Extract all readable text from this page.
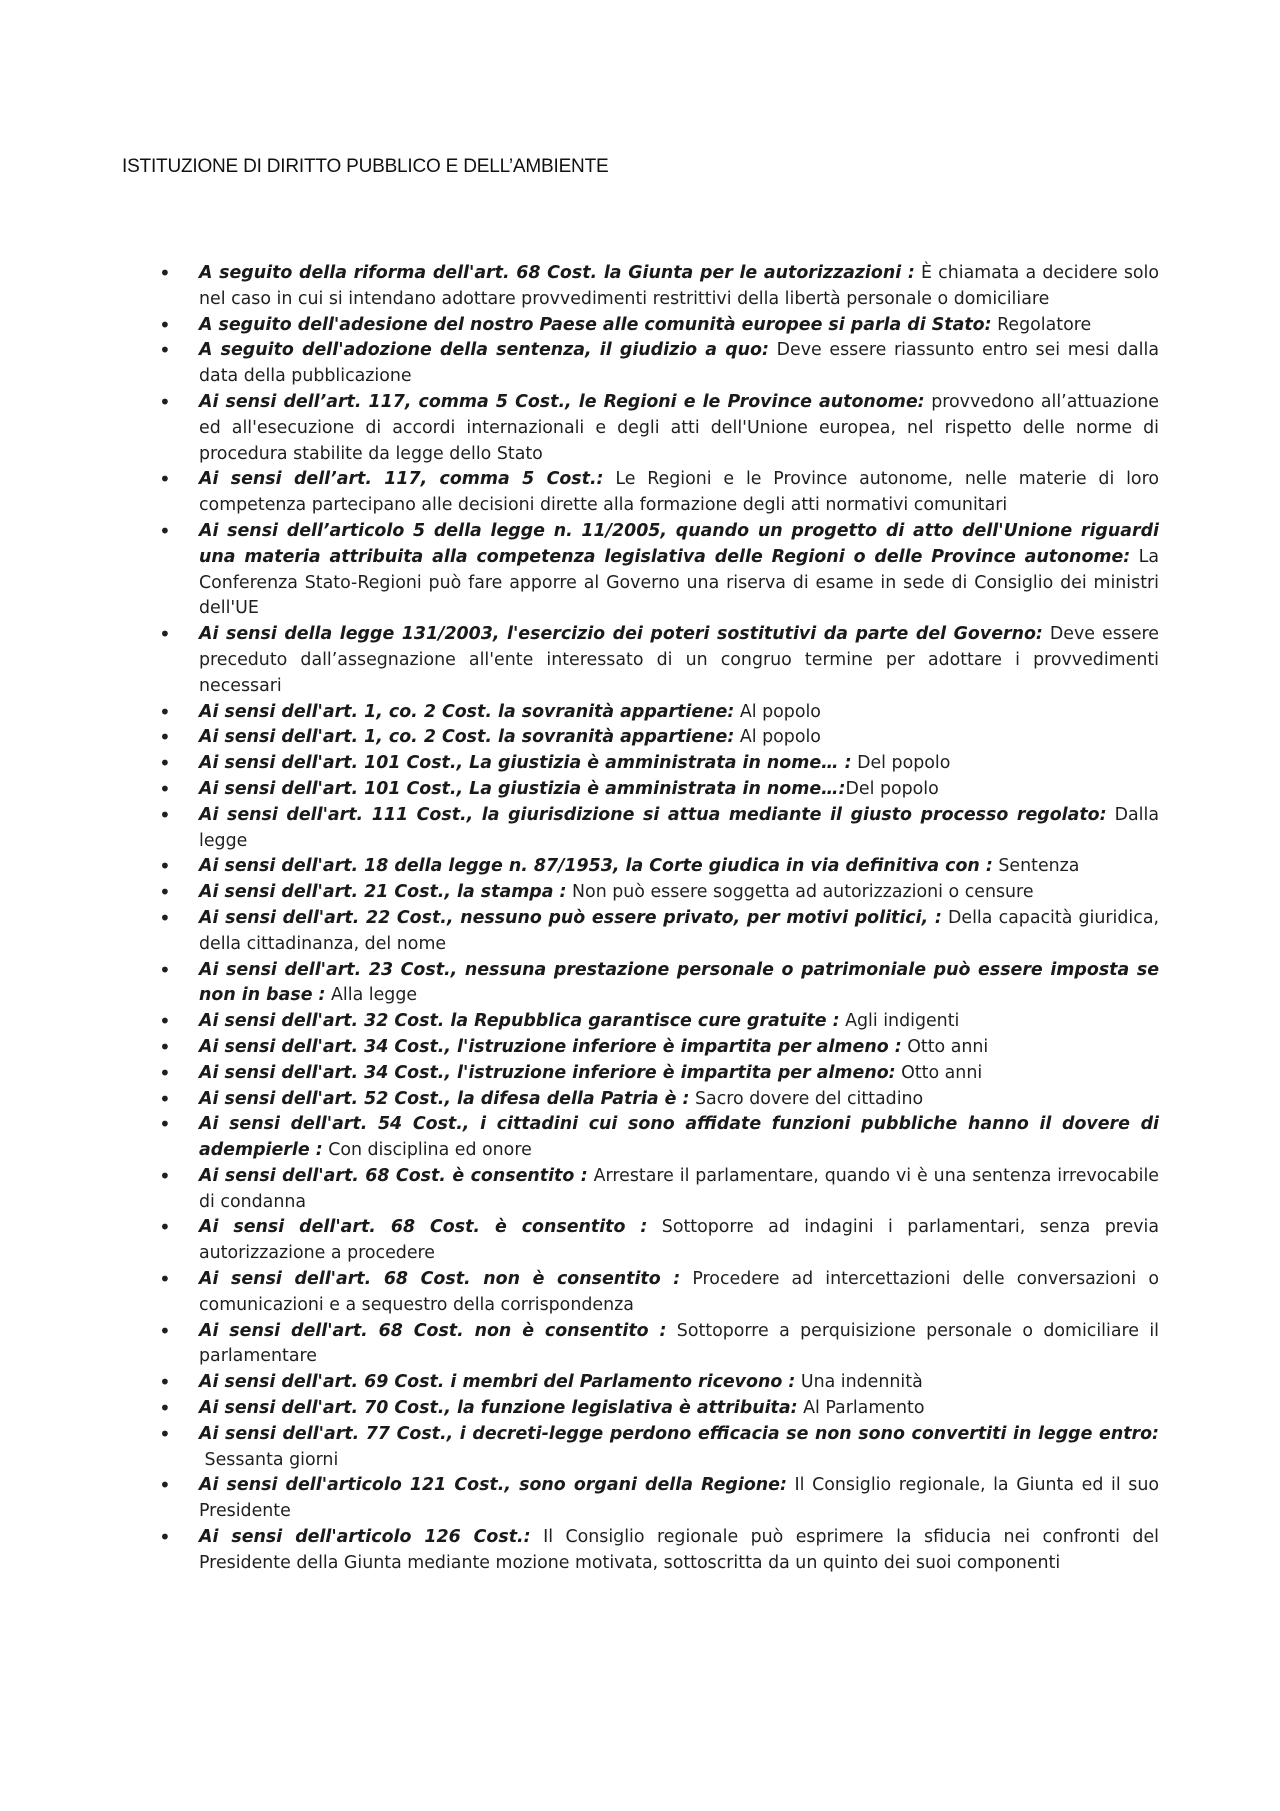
ISTITUZIONE DI DIRITTO PUBBLICO E DELL’AMBIENTE
• A seguito della riforma dell'art. 68 Cost. la Giunta per le autorizzazioni : È chiamata a decidere solo nel caso in cui si intendano adottare provvedimenti restrittivi della libertà personale o domiciliare
• A seguito dell'adesione del nostro Paese alle comunità europee si parla di Stato: Regolatore
• A seguito dell'adozione della sentenza, il giudizio a quo: Deve essere riassunto entro sei mesi dalla data della pubblicazione
• Ai sensi dell’art. 117, comma 5 Cost., le Regioni e le Province autonome: provvedono all’attuazione ed all'esecuzione di accordi internazionali e degli atti dell'Unione europea, nel rispetto delle norme di procedura stabilite da legge dello Stato
• Ai sensi dell’art. 117, comma 5 Cost.: Le Regioni e le Province autonome, nelle materie di loro competenza partecipano alle decisioni dirette alla formazione degli atti normativi comunitari
• Ai sensi dell’articolo 5 della legge n. 11/2005, quando un progetto di atto dell'Unione riguardi una materia attribuita alla competenza legislativa delle Regioni o delle Province autonome: La Conferenza Stato-Regioni può fare apporre al Governo una riserva di esame in sede di Consiglio dei ministri dell'UE
• Ai sensi della legge 131/2003, l'esercizio dei poteri sostitutivi da parte del Governo: Deve essere preceduto dall’assegnazione all'ente interessato di un congruo termine per adottare i provvedimenti necessari
• Ai sensi dell'art. 1, co. 2 Cost. la sovranità appartiene: Al popolo
• Ai sensi dell'art. 1, co. 2 Cost. la sovranità appartiene: Al popolo
• Ai sensi dell'art. 101 Cost., La giustizia è amministrata in nome… : Del popolo
• Ai sensi dell'art. 101 Cost., La giustizia è amministrata in nome…:Del popolo
• Ai sensi dell'art. 111 Cost., la giurisdizione si attua mediante il giusto processo regolato: Dalla legge
• Ai sensi dell'art. 18 della legge n. 87/1953, la Corte giudica in via definitiva con : Sentenza
• Ai sensi dell'art. 21 Cost., la stampa : Non può essere soggetta ad autorizzazioni o censure
• Ai sensi dell'art. 22 Cost., nessuno può essere privato, per motivi politici, : Della capacità giuridica, della cittadinanza, del nome
• Ai sensi dell'art. 23 Cost., nessuna prestazione personale o patrimoniale può essere imposta se non in base : Alla legge
• Ai sensi dell'art. 32 Cost. la Repubblica garantisce cure gratuite : Agli indigenti
• Ai sensi dell'art. 34 Cost., l'istruzione inferiore è impartita per almeno : Otto anni
• Ai sensi dell'art. 34 Cost., l'istruzione inferiore è impartita per almeno: Otto anni
• Ai sensi dell'art. 52 Cost., la difesa della Patria è : Sacro dovere del cittadino
• Ai sensi dell'art. 54 Cost., i cittadini cui sono affidate funzioni pubbliche hanno il dovere di adempierle : Con disciplina ed onore
• Ai sensi dell'art. 68 Cost. è consentito : Arrestare il parlamentare, quando vi è una sentenza irrevocabile di condanna
• Ai sensi dell'art. 68 Cost. è consentito : Sottoporre ad indagini i parlamentari, senza previa autorizzazione a procedere
• Ai sensi dell'art. 68 Cost. non è consentito : Procedere ad intercettazioni delle conversazioni o comunicazioni e a sequestro della corrispondenza
• Ai sensi dell'art. 68 Cost. non è consentito : Sottoporre a perquisizione personale o domiciliare il parlamentare
• Ai sensi dell'art. 69 Cost. i membri del Parlamento ricevono : Una indennità
• Ai sensi dell'art. 70 Cost., la funzione legislativa è attribuita: Al Parlamento
• Ai sensi dell'art. 77 Cost., i decreti-legge perdono efficacia se non sono convertiti in legge entro: Sessanta giorni
• Ai sensi dell'articolo 121 Cost., sono organi della Regione: Il Consiglio regionale, la Giunta ed il suo Presidente
• Ai sensi dell'articolo 126 Cost.: Il Consiglio regionale può esprimere la sfiducia nei confronti del Presidente della Giunta mediante mozione motivata, sottoscritta da un quinto dei suoi componenti
